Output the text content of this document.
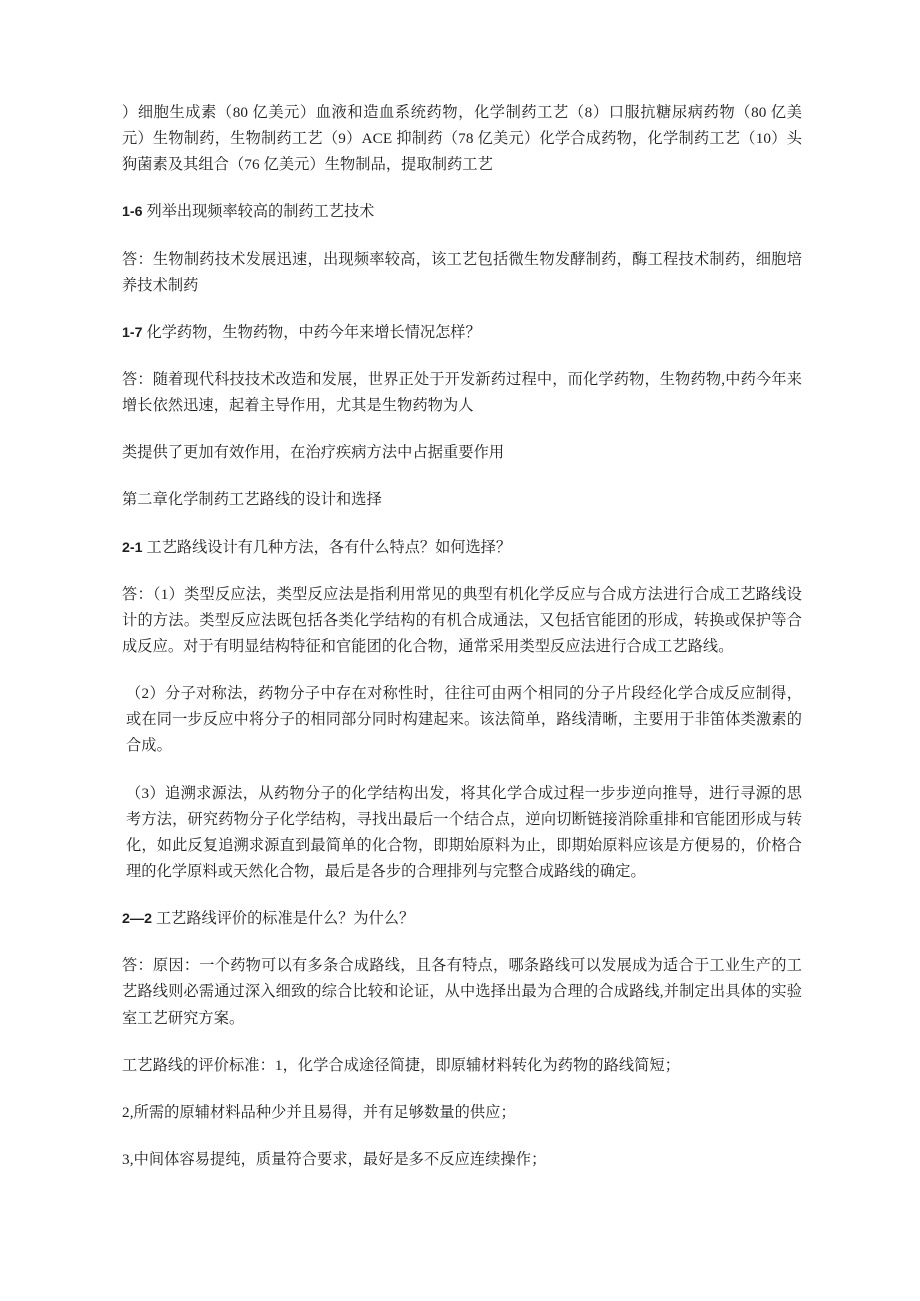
）细胞生成素（80 亿美元）血液和造血系统药物，化学制药工艺（8）口服抗糖尿病药物（80 亿美元）生物制药，生物制药工艺（9）ACE 抑制药（78 亿美元）化学合成药物，化学制药工艺（10）头狗菌素及其组合（76 亿美元）生物制品，提取制药工艺

1-6 列举出现频率较高的制药工艺技术

答：生物制药技术发展迅速，出现频率较高，该工艺包括微生物发酵制药，酶工程技术制药，细胞培养技术制药

1-7 化学药物，生物药物，中药今年来增长情况怎样？

答：随着现代科技技术改造和发展，世界正处于开发新药过程中，而化学药物，生物药物,中药今年来增长依然迅速，起着主导作用，尤其是生物药物为人

类提供了更加有效作用，在治疗疾病方法中占据重要作用

第二章化学制药工艺路线的设计和选择

2-1 工艺路线设计有几种方法，各有什么特点？如何选择？

答：（1）类型反应法，类型反应法是指利用常见的典型有机化学反应与合成方法进行合成工艺路线设计的方法。类型反应法既包括各类化学结构的有机合成通法，又包括官能团的形成，转换或保护等合成反应。对于有明显结构特征和官能团的化合物，通常采用类型反应法进行合成工艺路线。

（2）分子对称法，药物分子中存在对称性时，往往可由两个相同的分子片段经化学合成反应制得，或在同一步反应中将分子的相同部分同时构建起来。该法简单，路线清晰，主要用于非笛体类激素的合成。

（3）追溯求源法，从药物分子的化学结构出发，将其化学合成过程一步步逆向推导，进行寻源的思考方法，研究药物分子化学结构，寻找出最后一个结合点，逆向切断链接消除重排和官能团形成与转化，如此反复追溯求源直到最简单的化合物，即期始原料为止，即期始原料应该是方便易的，价格合理的化学原料或天然化合物，最后是各步的合理排列与完整合成路线的确定。

2—2 工艺路线评价的标准是什么？为什么？

答：原因：一个药物可以有多条合成路线，且各有特点，哪条路线可以发展成为适合于工业生产的工艺路线则必需通过深入细致的综合比较和论证，从中选择出最为合理的合成路线,并制定出具体的实验室工艺研究方案。

工艺路线的评价标准：1，化学合成途径简捷，即原辅材料转化为药物的路线简短；

2,所需的原辅材料品种少并且易得，并有足够数量的供应；

3,中间体容易提纯，质量符合要求，最好是多不反应连续操作；
